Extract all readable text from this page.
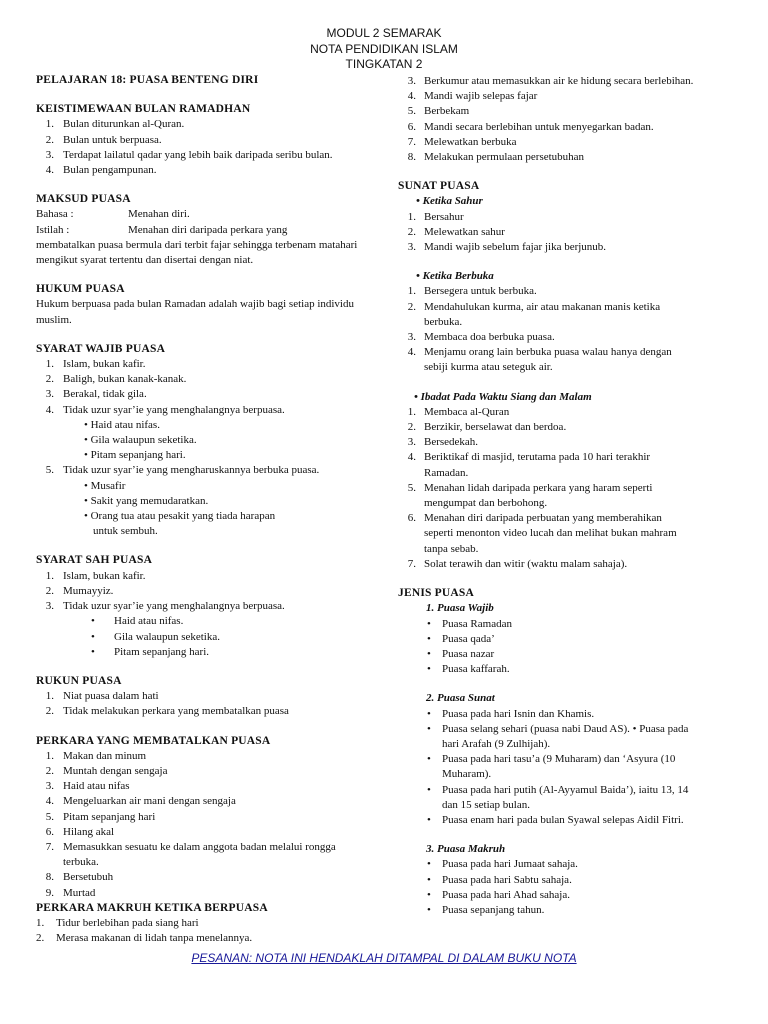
MODUL 2 SEMARAK
NOTA PENDIDIKAN ISLAM
TINGKATAN 2
PELAJARAN 18: PUASA BENTENG DIRI
KEISTIMEWAAN BULAN RAMADHAN
1. Bulan diturunkan al-Quran.
2. Bulan untuk berpuasa.
3. Terdapat lailatul qadar yang lebih baik daripada seribu bulan.
4. Bulan pengampunan.
MAKSUD PUASA
Bahasa :	Menahan diri.
Istilah :	Menahan diri daripada perkara yang
membatalkan puasa bermula dari terbit fajar sehingga terbenam matahari mengikut syarat tertentu dan disertai dengan niat.
HUKUM PUASA
Hukum berpuasa pada bulan Ramadan adalah wajib bagi setiap individu muslim.
SYARAT WAJIB PUASA
1. Islam, bukan kafir.
2. Baligh, bukan kanak-kanak.
3. Berakal, tidak gila.
4. Tidak uzur syar’ie yang menghalangnya berpuasa.
• Haid atau nifas.
• Gila walaupun seketika.
• Pitam sepanjang hari.
5. Tidak uzur syar’ie yang mengharuskannya berbuka puasa.
• Musafir
• Sakit yang memudaratkan.
• Orang tua atau pesakit yang tiada harapan
untuk sembuh.
SYARAT SAH PUASA
1. Islam, bukan kafir.
2. Mumayyiz.
3. Tidak uzur syar’ie yang menghalangnya berpuasa.
• Haid atau nifas.
• Gila walaupun seketika.
• Pitam sepanjang hari.
RUKUN PUASA
1. Niat puasa dalam hati
2. Tidak melakukan perkara yang membatalkan puasa
PERKARA YANG MEMBATALKAN PUASA
1. Makan dan minum
2. Muntah dengan sengaja
3. Haid atau nifas
4. Mengeluarkan air mani dengan sengaja
5. Pitam sepanjang hari
6. Hilang akal
7. Memasukkan sesuatu ke dalam anggota badan melalui rongga
terbuka.
8. Bersetubuh
9. Murtad
PERKARA MAKRUH KETIKA BERPUASA
1.	Tidur berlebihan pada siang hari
2.	Merasa makanan di lidah tanpa menelannya.
3. Berkumur atau memasukkan air ke hidung secara berlebihan.
4. Mandi wajib selepas fajar
5. Berbekam
6. Mandi secara berlebihan untuk menyegarkan badan.
7. Melewatkan berbuka
8. Melakukan permulaan persetubuhan
SUNAT PUASA
• Ketika Sahur
1. Bersahur
2. Melewatkan sahur
3. Mandi wajib sebelum fajar jika berjunub.
• Ketika Berbuka
1. Bersegera untuk berbuka.
2. Mendahulukan kurma, air atau makanan manis ketika
berbuka.
3. Membaca doa berbuka puasa.
4. Menjamu orang lain berbuka puasa walau hanya dengan
sebiji kurma atau seteguk air.
• Ibadat Pada Waktu Siang dan Malam
1. Membaca al-Quran
2. Berzikir, berselawat dan berdoa.
3. Bersedekah.
4. Beriktikaf di masjid, terutama pada 10 hari terakhir
Ramadan.
5. Menahan lidah daripada perkara yang haram seperti
mengumpat dan berbohong.
6. Menahan diri daripada perbuatan yang memberahikan
seperti menonton video lucah dan melihat bukan mahram
tanpa sebab.
7. Solat terawih dan witir (waktu malam sahaja).
JENIS PUASA
1. Puasa Wajib
• Puasa Ramadan
• Puasa qada’
• Puasa nazar
• Puasa kaffarah.
2. Puasa Sunat
• Puasa pada hari Isnin dan Khamis.
• Puasa selang sehari (puasa nabi Daud AS). • Puasa pada
hari Arafah (9 Zulhijah).
• Puasa pada hari tasu’a (9 Muharam) dan ‘Asyura (10
Muharam).
• Puasa pada hari putih (Al-Ayyamul Baida’), iaitu 13, 14
dan 15 setiap bulan.
• Puasa enam hari pada bulan Syawal selepas Aidil Fitri.
3. Puasa Makruh
• Puasa pada hari Jumaat sahaja.
• Puasa pada hari Sabtu sahaja.
• Puasa pada hari Ahad sahaja.
• Puasa sepanjang tahun.
PESANAN: NOTA INI HENDAKLAH DITAMPAL DI DALAM BUKU NOTA
